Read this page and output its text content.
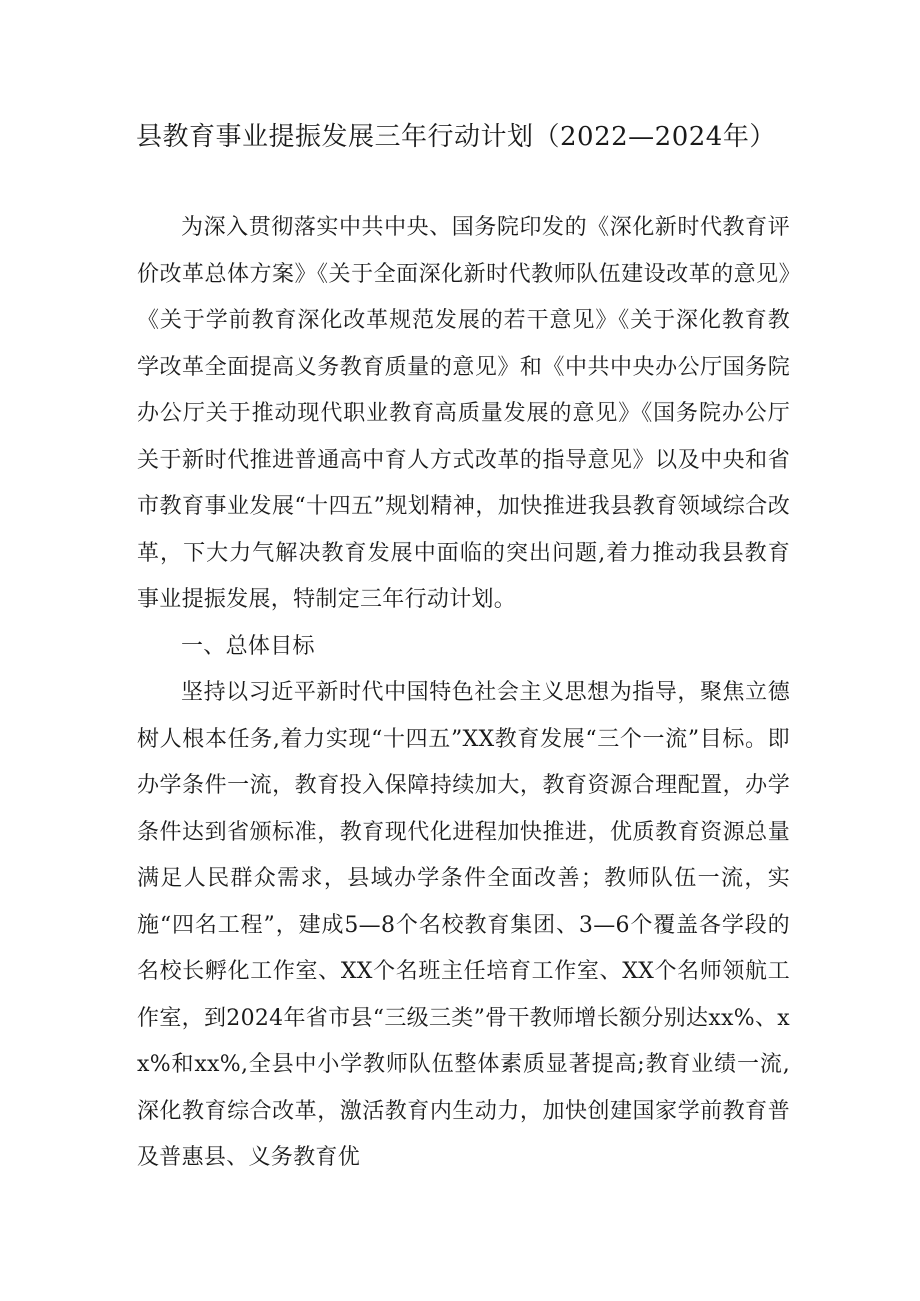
县教育事业提振发展三年行动计划（2022—2024年）

为深入贯彻落实中共中央、国务院印发的《深化新时代教育评价改革总体方案》《关于全面深化新时代教师队伍建设改革的意见》《关于学前教育深化改革规范发展的若干意见》《关于深化教育教学改革全面提高义务教育质量的意见》和《中共中央办公厅国务院办公厅关于推动现代职业教育高质量发展的意见》《国务院办公厅关于新时代推进普通高中育人方式改革的指导意见》以及中央和省市教育事业发展“十四五”规划精神，加快推进我县教育领域综合改革，下大力气解决教育发展中面临的突出问题,着力推动我县教育事业提振发展，特制定三年行动计划。

一、总体目标

坚持以习近平新时代中国特色社会主义思想为指导，聚焦立德树人根本任务,着力实现“十四五”XX教育发展“三个一流”目标。即办学条件一流，教育投入保障持续加大，教育资源合理配置，办学条件达到省颁标准，教育现代化进程加快推进，优质教育资源总量满足人民群众需求，县域办学条件全面改善；教师队伍一流，实施“四名工程”，建成5—8个名校教育集团、3—6个覆盖各学段的名校长孵化工作室、XX个名班主任培育工作室、XX个名师领航工作室，到2024年省市县“三级三类”骨干教师增长额分别达xx%、xx%和xx%,全县中小学教师队伍整体素质显著提高;教育业绩一流,深化教育综合改革，激活教育内生动力，加快创建国家学前教育普及普惠县、义务教育优
